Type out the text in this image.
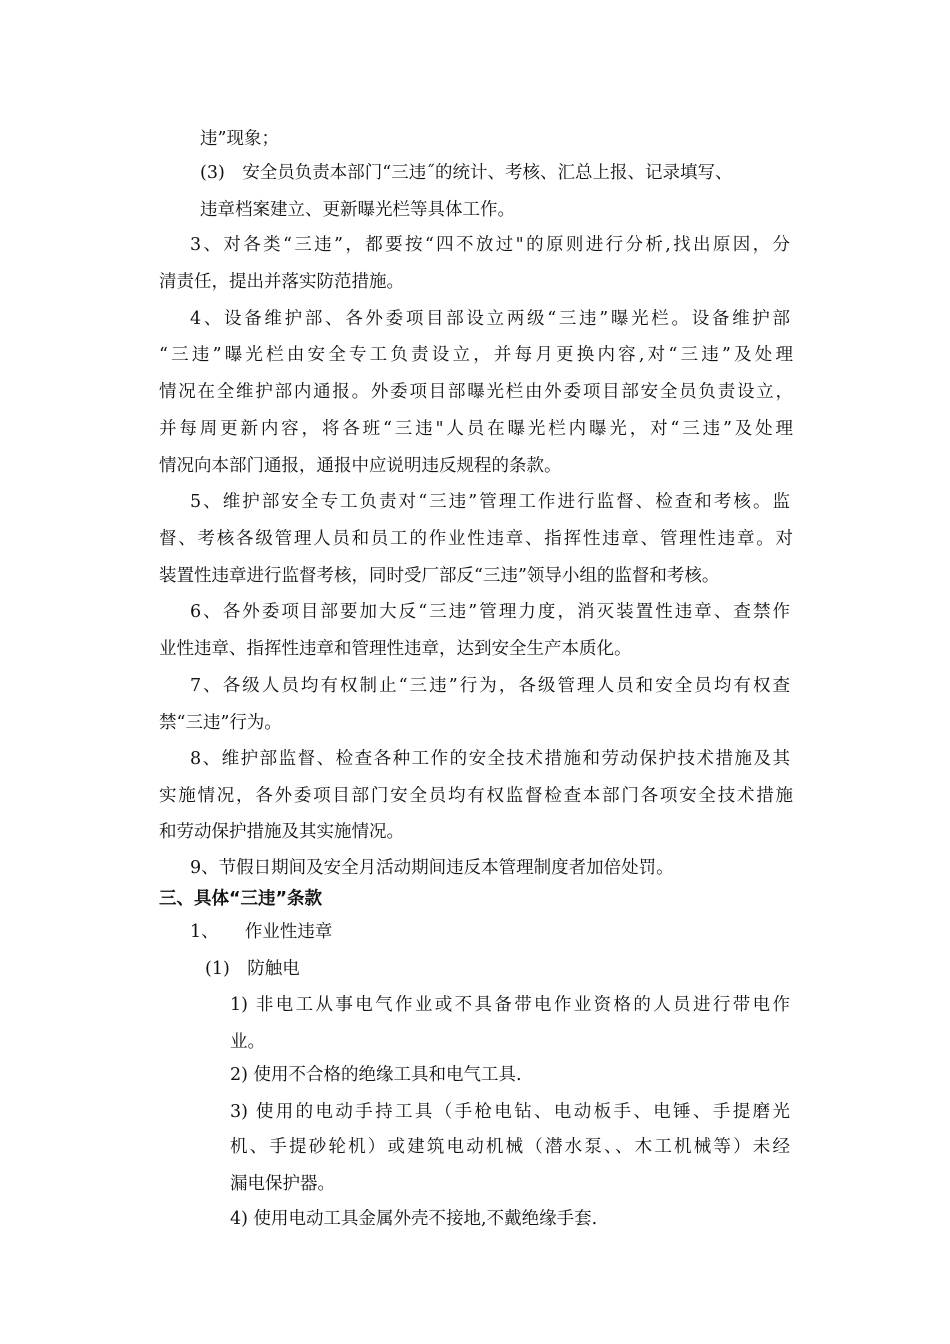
违”现象；
(3)　安全员负责本部门“三违˝的统计、考核、汇总上报、记录填写、
违章档案建立、更新曝光栏等具体工作。
3、对各类“三违”，都要按“四不放过"的原则进行分析,找出原因，分
清责任，提出并落实防范措施。
4、设备维护部、各外委项目部设立两级“三违”曝光栏。设备维护部
“三违”曝光栏由安全专工负责设立，并每月更换内容,对“三违”及处理
情况在全维护部内通报。外委项目部曝光栏由外委项目部安全员负责设立，
并每周更新内容，将各班“三违"人员在曝光栏内曝光，对“三违”及处理
情况向本部门通报，通报中应说明违反规程的条款。
5、维护部安全专工负责对“三违”管理工作进行监督、检查和考核。监
督、考核各级管理人员和员工的作业性违章、指挥性违章、管理性违章。对
装置性违章进行监督考核，同时受厂部反“三违”领导小组的监督和考核。
6、各外委项目部要加大反“三违”管理力度，消灭装置性违章、查禁作
业性违章、指挥性违章和管理性违章，达到安全生产本质化。
7、各级人员均有权制止“三违”行为，各级管理人员和安全员均有权查
禁“三违”行为。
8、维护部监督、检查各种工作的安全技术措施和劳动保护技术措施及其
实施情况，各外委项目部门安全员均有权监督检查本部门各项安全技术措施
和劳动保护措施及其实施情况。
9、节假日期间及安全月活动期间违反本管理制度者加倍处罚。
三、具体“三违”条款
1、　　作业性违章
(1)　防触电
1) 非电工从事电气作业或不具备带电作业资格的人员进行带电作
业。
2) 使用不合格的绝缘工具和电气工具.
3) 使用的电动手持工具（手枪电钻、电动板手、电锤、手提磨光
机、手提砂轮机）或建筑电动机械（潜水泵、、木工机械等）未经
漏电保护器。
4) 使用电动工具金属外壳不接地,不戴绝缘手套.
